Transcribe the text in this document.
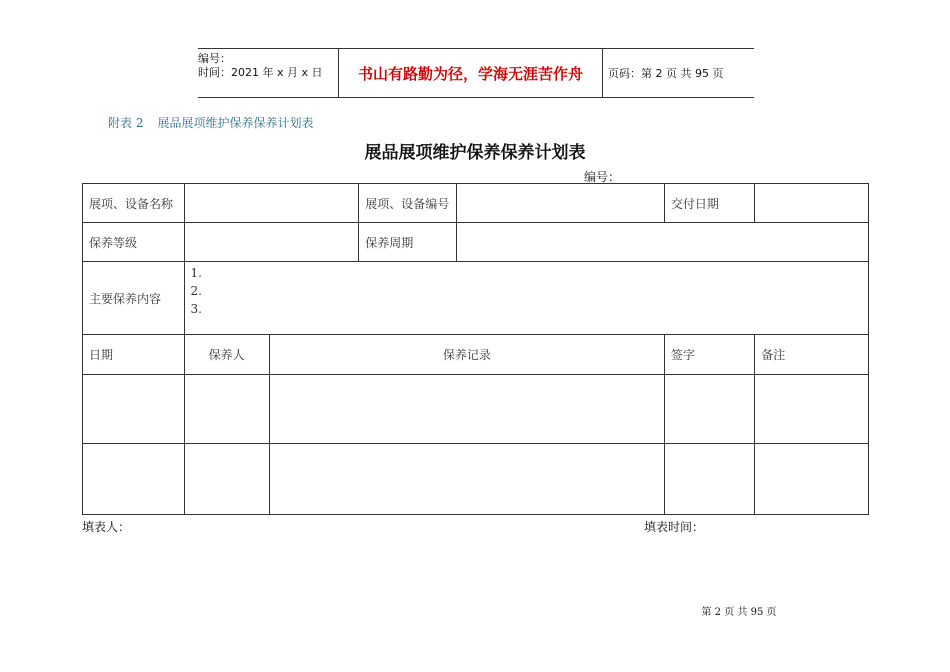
编号：
时间：2021 年 x 月 x 日	书山有路勤为径，学海无涯苦作舟	页码：第 2 页 共 95 页
附表 2 展品展项维护保养保养计划表
展品展项维护保养保养计划表
编号：
展项、设备名称			展项、设备编号		交付日期	
保养等级			保养周期			
主要保养内容	1.
2.
3.					

日期	保养人	保养记录			签字	备注

填表人：	填表时间：
第 2 页 共 95 页
